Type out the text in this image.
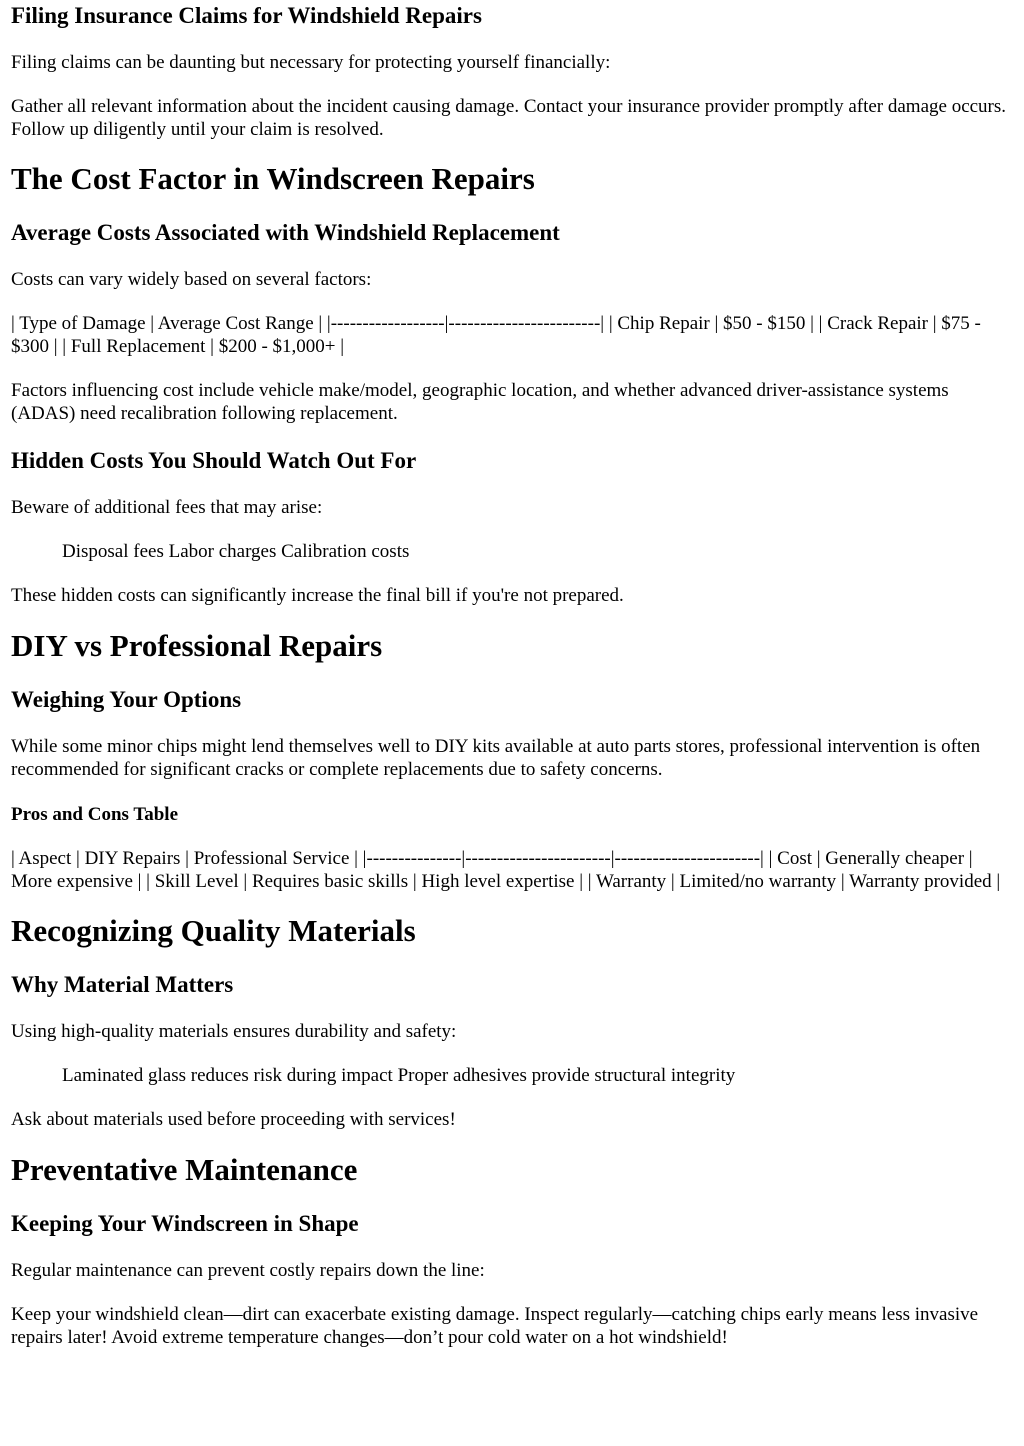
Filing Insurance Claims for Windshield Repairs
Filing claims can be daunting but necessary for protecting yourself financially:
Gather all relevant information about the incident causing damage. Contact your insurance provider promptly after damage occurs. Follow up diligently until your claim is resolved.
The Cost Factor in Windscreen Repairs
Average Costs Associated with Windshield Replacement
Costs can vary widely based on several factors:
| Type of Damage | Average Cost Range | |------------------|------------------------| | Chip Repair | $50 - $150 | | Crack Repair | $75 - $300 | | Full Replacement | $200 - $1,000+ |
Factors influencing cost include vehicle make/model, geographic location, and whether advanced driver-assistance systems (ADAS) need recalibration following replacement.
Hidden Costs You Should Watch Out For
Beware of additional fees that may arise:
Disposal fees Labor charges Calibration costs
These hidden costs can significantly increase the final bill if you're not prepared.
DIY vs Professional Repairs
Weighing Your Options
While some minor chips might lend themselves well to DIY kits available at auto parts stores, professional intervention is often recommended for significant cracks or complete replacements due to safety concerns.
Pros and Cons Table
| Aspect | DIY Repairs | Professional Service | |---------------|-----------------------|-----------------------| | Cost | Generally cheaper | More expensive | | Skill Level | Requires basic skills | High level expertise | | Warranty | Limited/no warranty | Warranty provided |
Recognizing Quality Materials
Why Material Matters
Using high-quality materials ensures durability and safety:
Laminated glass reduces risk during impact Proper adhesives provide structural integrity
Ask about materials used before proceeding with services!
Preventative Maintenance
Keeping Your Windscreen in Shape
Regular maintenance can prevent costly repairs down the line:
Keep your windshield clean—dirt can exacerbate existing damage. Inspect regularly—catching chips early means less invasive repairs later! Avoid extreme temperature changes—don’t pour cold water on a hot windshield!
